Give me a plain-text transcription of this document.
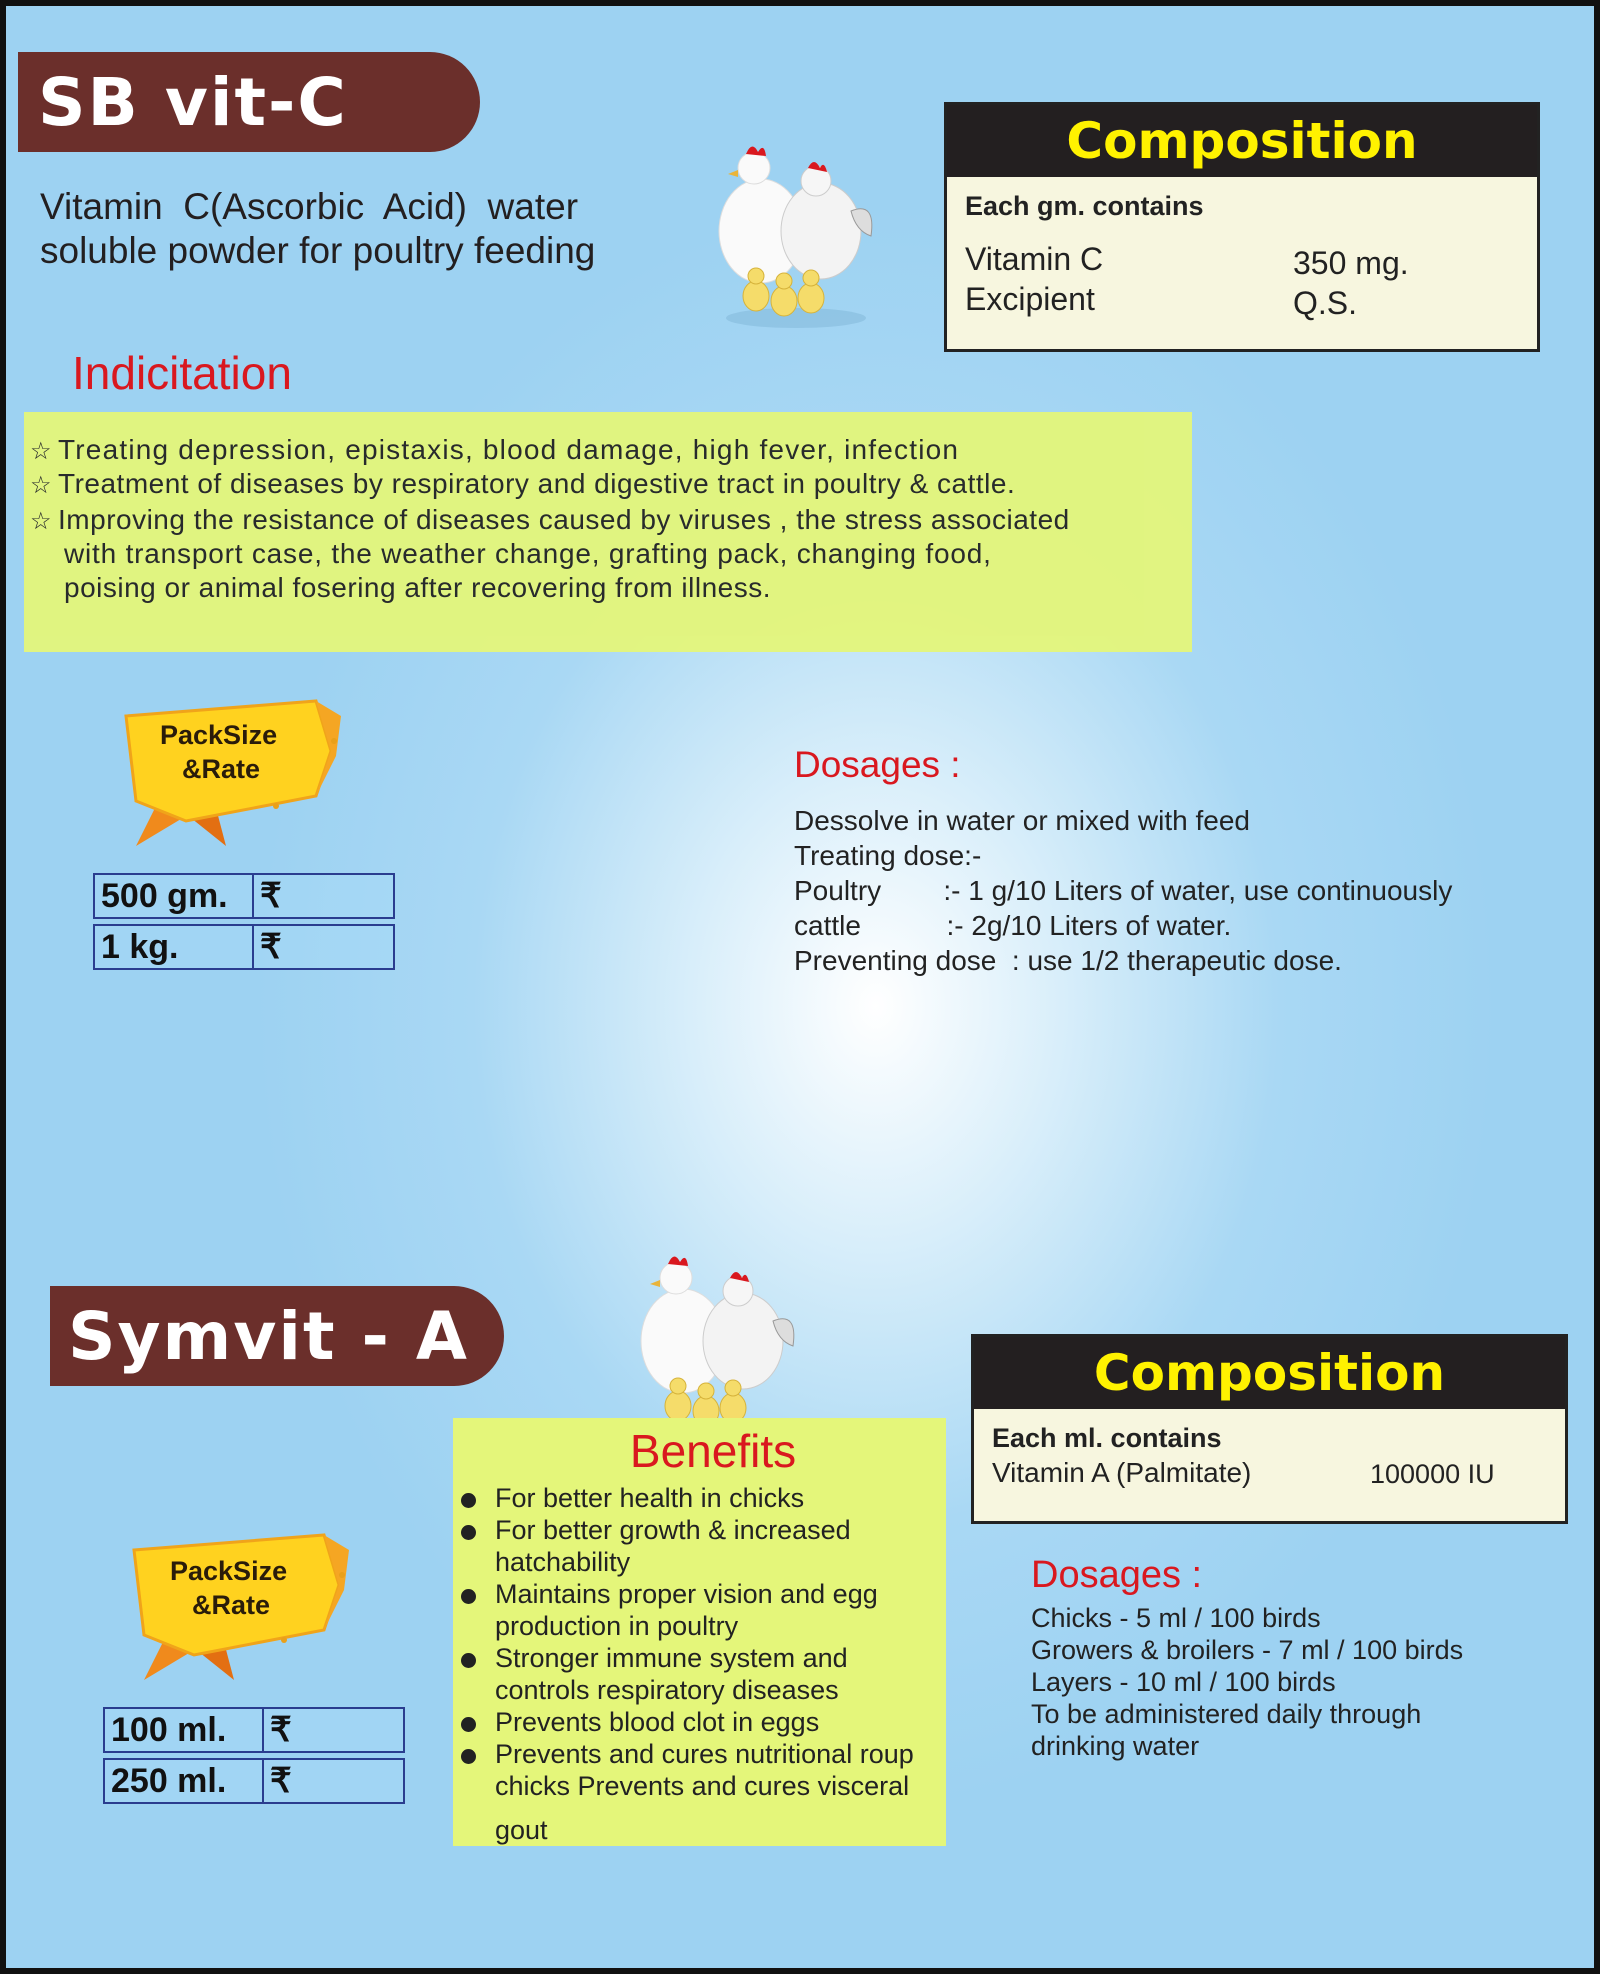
SB vit-C
Vitamin  C(Ascorbic  Acid)  water
soluble powder for poultry feeding
Composition
Each gm. contains
Vitamin C	350 mg.
Excipient	Q.S.
Indicitation
☆ Treating depression, epistaxis, blood damage, high fever, infection
☆ Treatment of diseases by respiratory and digestive tract in poultry & cattle.
☆ Improving the resistance of diseases caused by viruses , the stress associated
with transport case, the weather change, grafting pack, changing food,
poising or animal fosering after recovering from illness.
PackSize
&Rate
500 gm.	₹
1 kg.	₹
Dosages :
Dessolve in water or mixed with feed
Treating dose:-
Poultry        :- 1 g/10 Liters of water, use continuously
cattle           :- 2g/10 Liters of water.
Preventing dose  : use 1/2 therapeutic dose.
Symvit - A	Composition
Each ml. contains
Vitamin A (Palmitate)	100000 IU
Benefits
For better health in chicks
For better growth & increased
hatchability
Maintains proper vision and egg
production in poultry
Stronger immune system and
controls respiratory diseases
Prevents blood clot in eggs
Prevents and cures nutritional roup
chicks Prevents and cures visceral
gout
PackSize
&Rate
100 ml.	₹
250 ml.	₹
Dosages :
Chicks - 5 ml / 100 birds
Growers & broilers - 7 ml / 100 birds
Layers - 10 ml / 100 birds
To be administered daily through
drinking water
